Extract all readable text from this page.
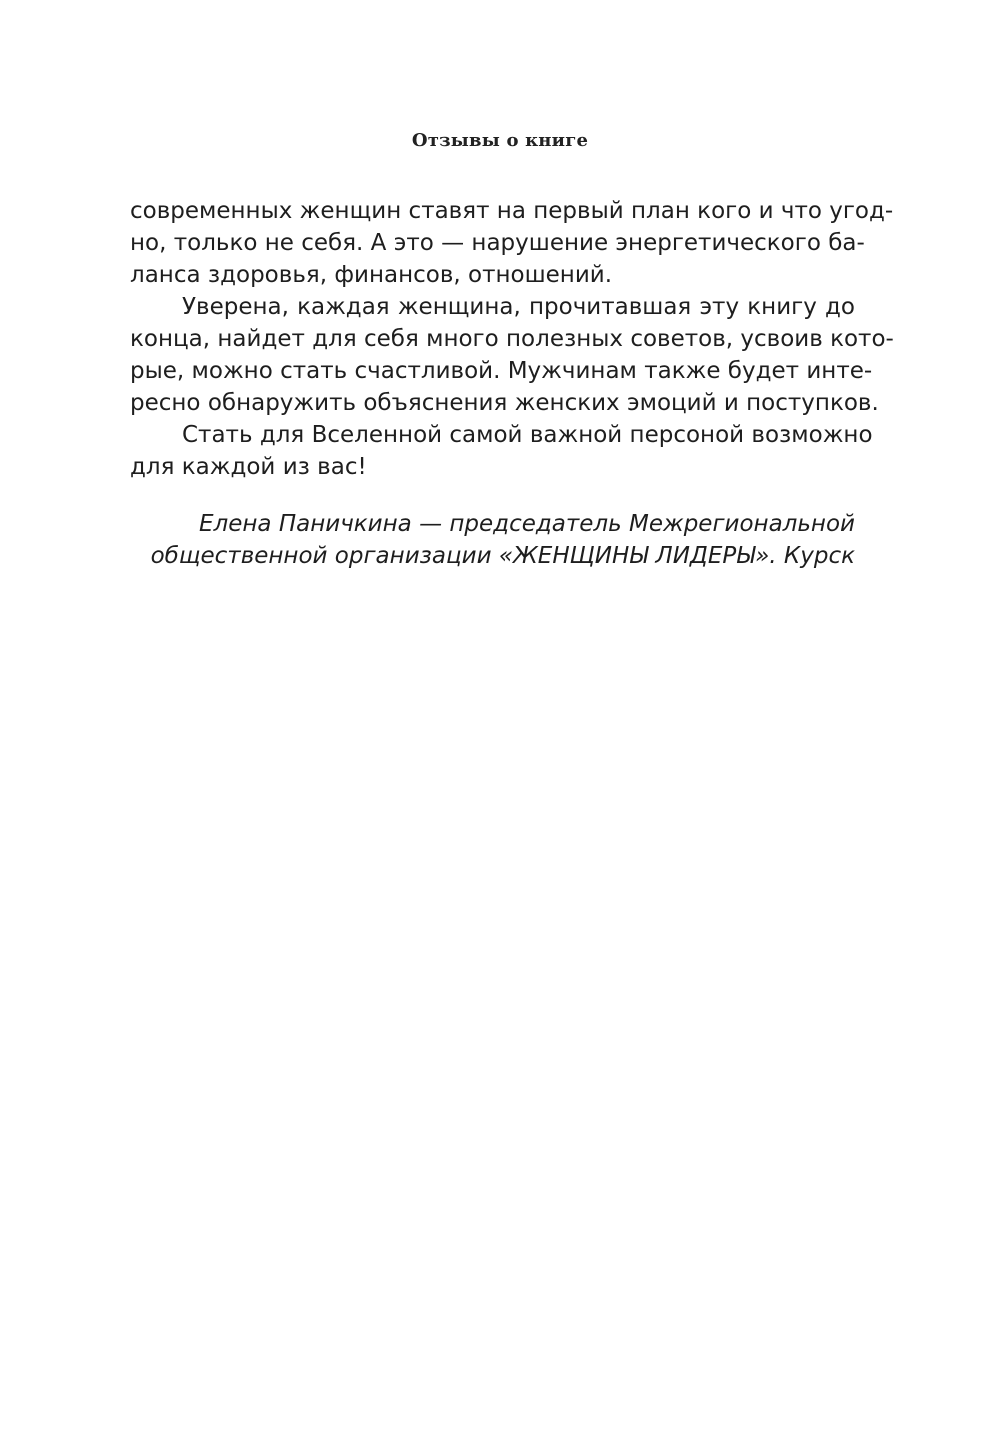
Отзывы о книге
современных женщин ставят на первый план кого и что угод-
но, только не себя. А это — нарушение энергетического ба-
ланса здоровья, финансов, отношений.
Уверена, каждая женщина, прочитавшая эту книгу до
конца, найдет для себя много полезных советов, усвоив кото-
рые, можно стать счастливой. Мужчинам также будет инте-
ресно обнаружить объяснения женских эмоций и поступков.
Стать для Вселенной самой важной персоной возможно
для каждой из вас!
Елена Паничкина — председатель Межрегиональной
общественной организации «ЖЕНЩИНЫ ЛИДЕРЫ». Курск
